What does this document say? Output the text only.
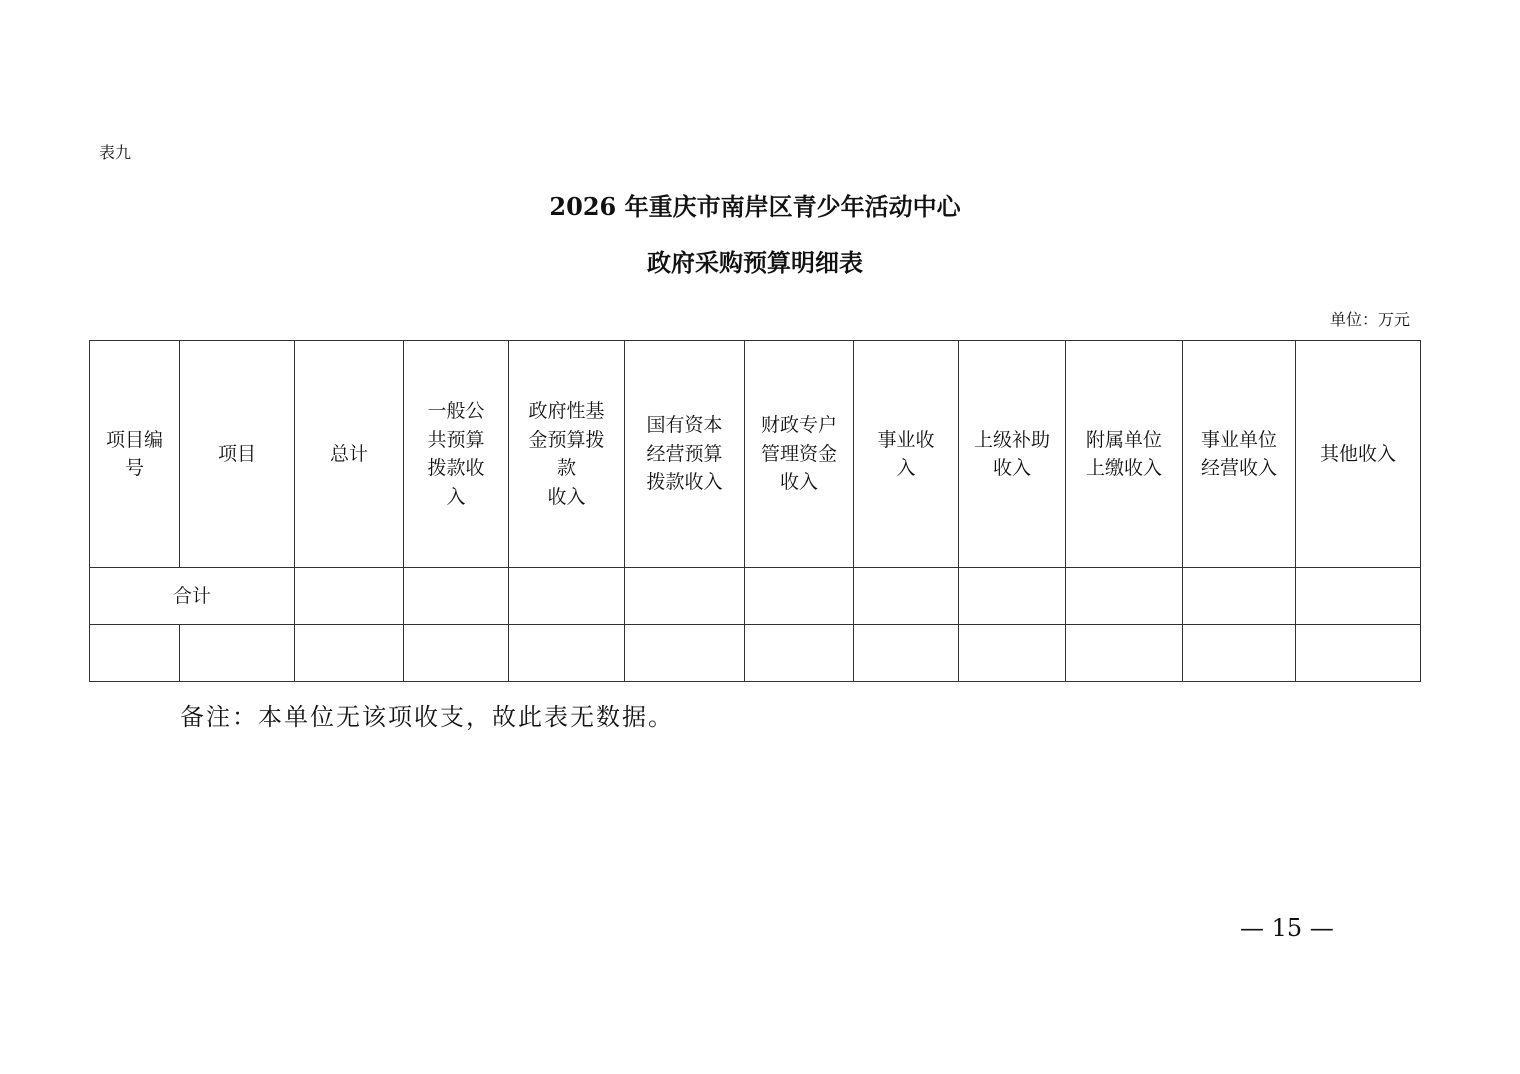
表九
2026 年重庆市南岸区青少年活动中心
政府采购预算明细表
单位：万元
项目编
号	项目	总计	一般公
共预算
拨款收
入	政府性基
金预算拨
款
收入	国有资本
经营预算
拨款收入	财政专户
管理资金
收入	事业收
入	上级补助
收入	附属单位
上缴收入	事业单位
经营收入	其他收入
合计											

备注：本单位无该项收支，故此表无数据。
— 15 —
